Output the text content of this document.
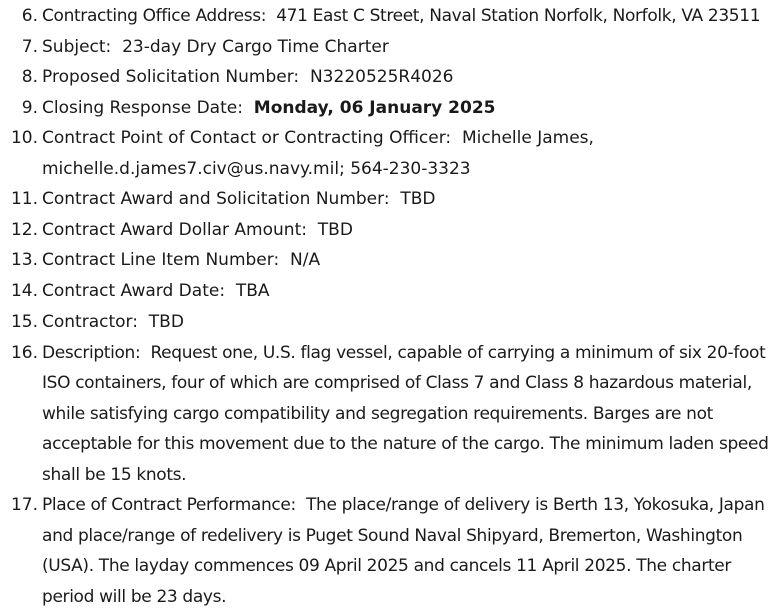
6. Contracting Office Address: 471 East C Street, Naval Station Norfolk, Norfolk, VA 23511
7. Subject: 23-day Dry Cargo Time Charter
8. Proposed Solicitation Number: N3220525R4026
9. Closing Response Date: Monday, 06 January 2025
10. Contract Point of Contact or Contracting Officer: Michelle James,
michelle.d.james7.civ@us.navy.mil; 564-230-3323
11. Contract Award and Solicitation Number: TBD
12. Contract Award Dollar Amount: TBD
13. Contract Line Item Number: N/A
14. Contract Award Date: TBA
15. Contractor: TBD
16. Description: Request one, U.S. flag vessel, capable of carrying a minimum of six 20-foot
ISO containers, four of which are comprised of Class 7 and Class 8 hazardous material,
while satisfying cargo compatibility and segregation requirements. Barges are not
acceptable for this movement due to the nature of the cargo. The minimum laden speed
shall be 15 knots.
17. Place of Contract Performance: The place/range of delivery is Berth 13, Yokosuka, Japan
and place/range of redelivery is Puget Sound Naval Shipyard, Bremerton, Washington
(USA). The layday commences 09 April 2025 and cancels 11 April 2025. The charter
period will be 23 days.
